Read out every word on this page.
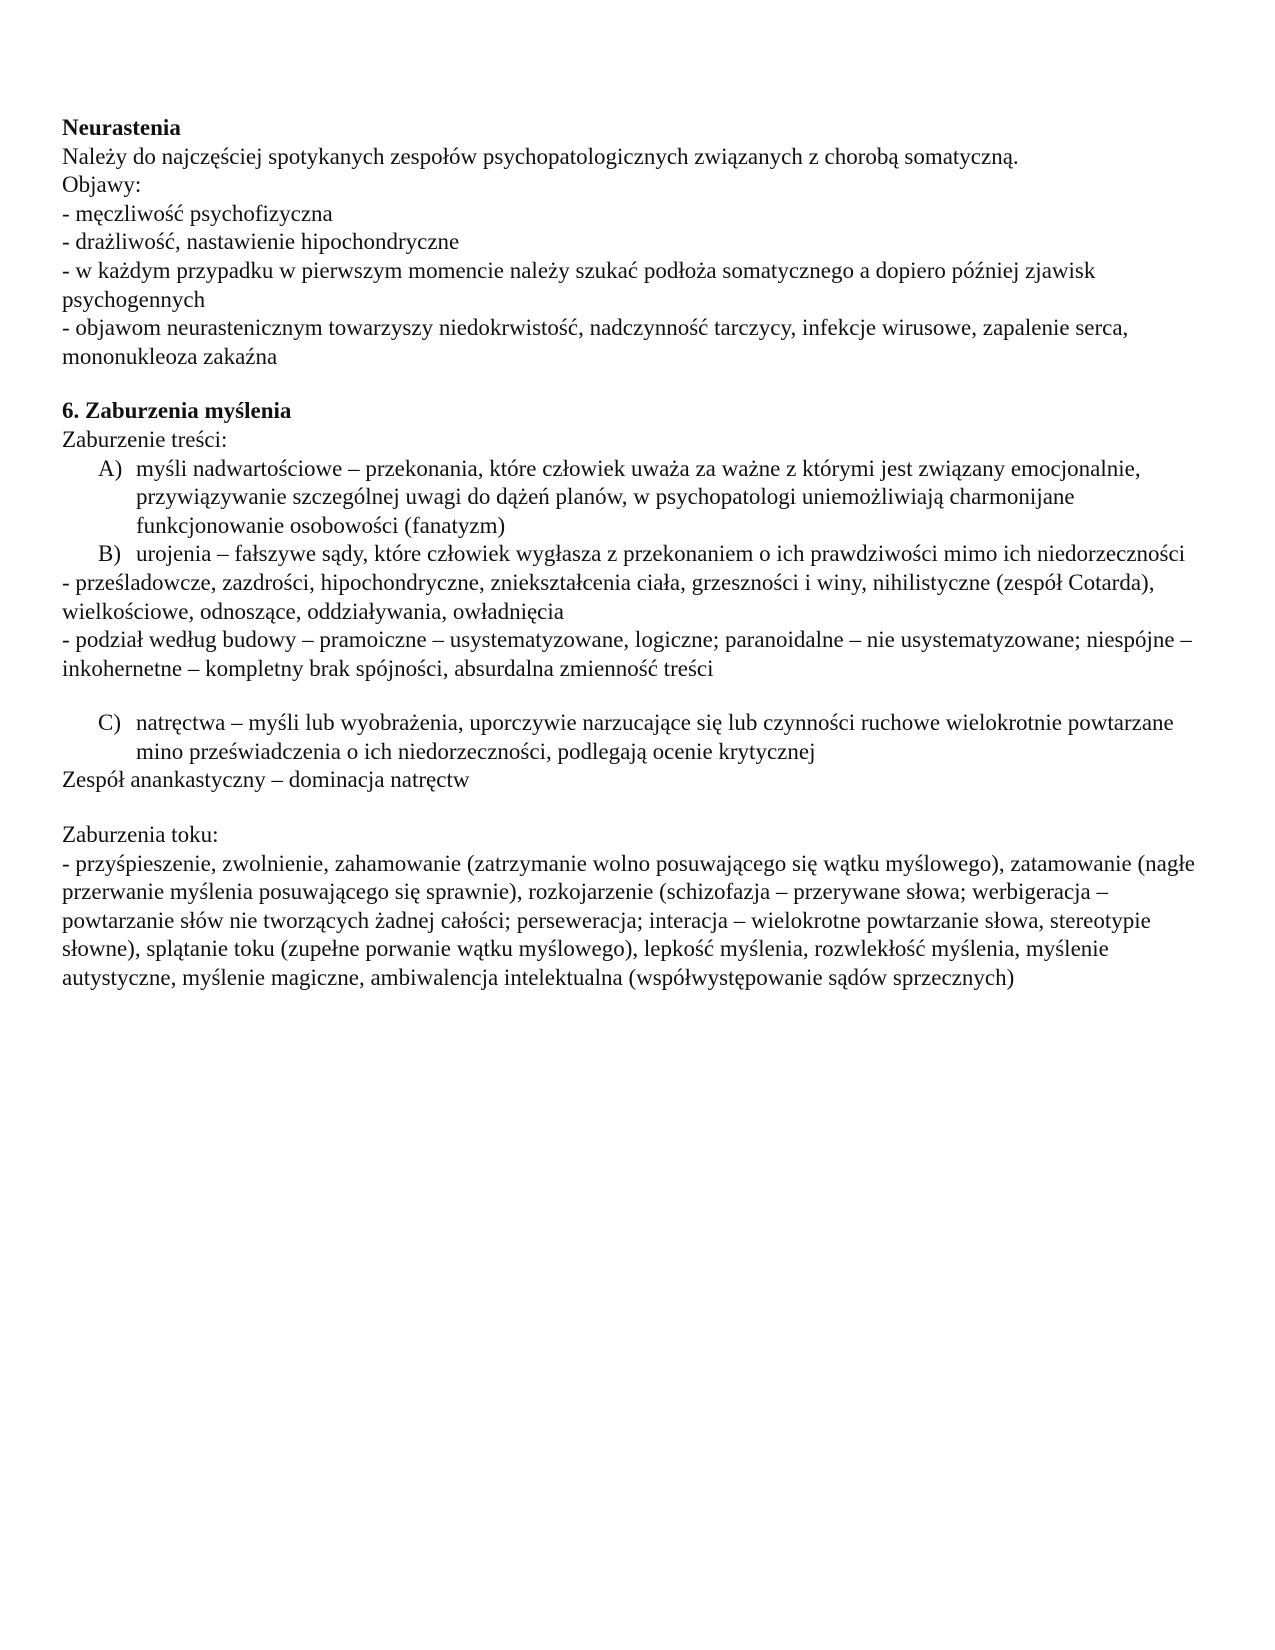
Neurastenia
Należy do najczęściej spotykanych zespołów psychopatologicznych związanych z chorobą somatyczną.
Objawy:
- męczliwość psychofizyczna
- drażliwość, nastawienie hipochondryczne
- w każdym przypadku w pierwszym momencie należy szukać podłoża somatycznego a dopiero później zjawisk psychogennych
- objawom neurastenicznym towarzyszy niedokrwistość, nadczynność tarczycy, infekcje wirusowe, zapalenie serca, mononukleoza zakaźna
6. Zaburzenia myślenia
Zaburzenie treści:
A) myśli nadwartościowe – przekonania, które człowiek uważa za ważne z którymi jest związany emocjonalnie, przywiązywanie szczególnej uwagi do dążeń planów, w psychopatologi uniemożliwiają charmonijane funkcjonowanie osobowości (fanatyzm)
B) urojenia – fałszywe sądy, które człowiek wygłasza z przekonaniem o ich prawdziwości mimo ich niedorzeczności
- prześladowcze, zazdrości, hipochondryczne, zniekształcenia ciała, grzeszności i winy, nihilistyczne (zespół Cotarda), wielkościowe, odnoszące, oddziaływania, owładnięcia
- podział według budowy – pramoiczne – usystematyzowane, logiczne; paranoidalne – nie usystematyzowane; niespójne – inkohernetne – kompletny brak spójności, absurdalna zmienność treści
C) natręctwa – myśli lub wyobrażenia, uporczywie narzucające się lub czynności ruchowe wielokrotnie powtarzane mino przeświadczenia o ich niedorzeczności, podlegają ocenie krytycznej
Zespół anankastyczny – dominacja natręctw
Zaburzenia toku:
- przyśpieszenie, zwolnienie, zahamowanie (zatrzymanie wolno posuwającego się wątku myślowego), zatamowanie (nagłe przerwanie myślenia posuwającego się sprawnie), rozkojarzenie (schizofazja – przerywane słowa; werbigeracja – powtarzanie słów nie tworzących żadnej całości; perseweracja; interacja – wielokrotne powtarzanie słowa, stereotypie słowne), splątanie toku (zupełne porwanie wątku myślowego), lepkość myślenia, rozwlekłość myślenia, myślenie autystyczne, myślenie magiczne, ambiwalencja intelektualna (współwystępowanie sądów sprzecznych)
